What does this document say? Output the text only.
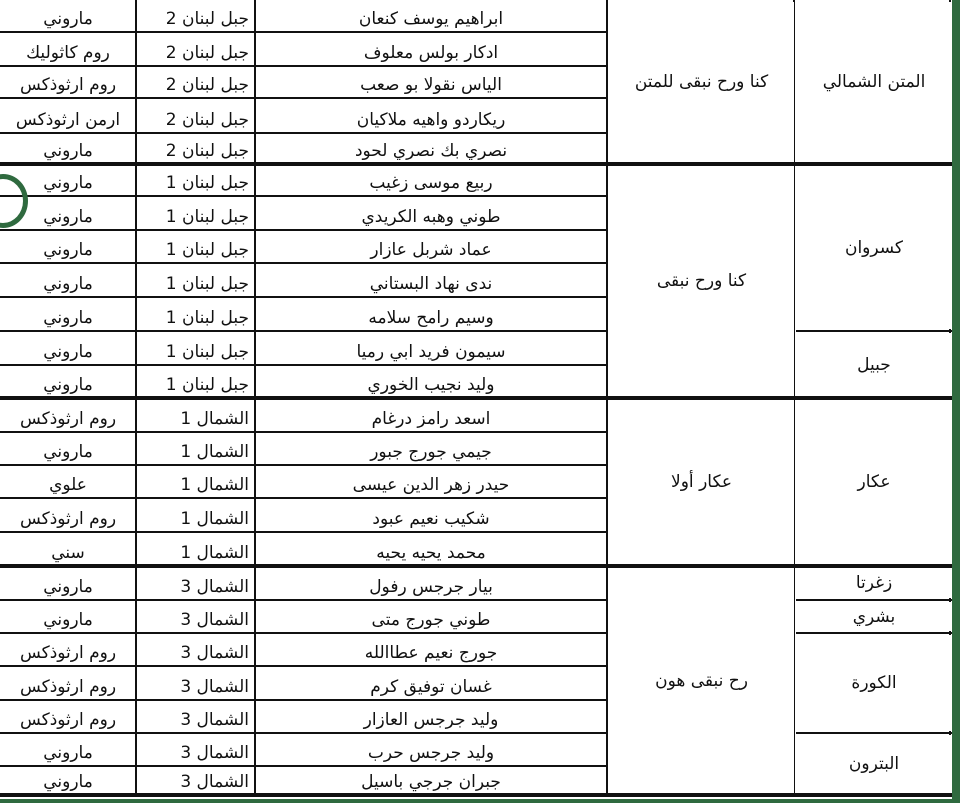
ابراهيم يوسف كنعان
جبل لبنان 2
ماروني
ادكار بولس معلوف
جبل لبنان 2
روم كاثوليك
الياس نقولا بو صعب
جبل لبنان 2
روم ارثوذكس
ريكاردو واهيه ملاكيان
جبل لبنان 2
ارمن ارثوذكس
نصري بك نصري لحود
جبل لبنان 2
ماروني
ربيع موسى زغيب
جبل لبنان 1
ماروني
طوني وهبه الكريدي
جبل لبنان 1
ماروني
عماد شربل عازار
جبل لبنان 1
ماروني
ندى نهاد البستاني
جبل لبنان 1
ماروني
وسيم رامح سلامه
جبل لبنان 1
ماروني
سيمون فريد ابي رميا
جبل لبنان 1
ماروني
وليد نجيب الخوري
جبل لبنان 1
ماروني
اسعد رامز درغام
الشمال 1
روم ارثوذكس
جيمي جورج جبور
الشمال 1
ماروني
حيدر زهر الدين عيسى
الشمال 1
علوي
شكيب نعيم عبود
الشمال 1
روم ارثوذكس
محمد يحيه يحيه
الشمال 1
سني
بيار جرجس رفول
الشمال 3
ماروني
طوني جورج متى
الشمال 3
ماروني
جورج نعيم عطاالله
الشمال 3
روم ارثوذكس
غسان توفيق كرم
الشمال 3
روم ارثوذكس
وليد جرجس العازار
الشمال 3
روم ارثوذكس
وليد جرجس حرب
الشمال 3
ماروني
جبران جرجي باسيل
الشمال 3
ماروني
كنا ورح نبقى للمتن
كنا ورح نبقى
عكار أولا
رح نبقى هون
المتن الشمالي
كسروان
جبيل
عكار
زغرتا
بشري
الكورة
البترون
